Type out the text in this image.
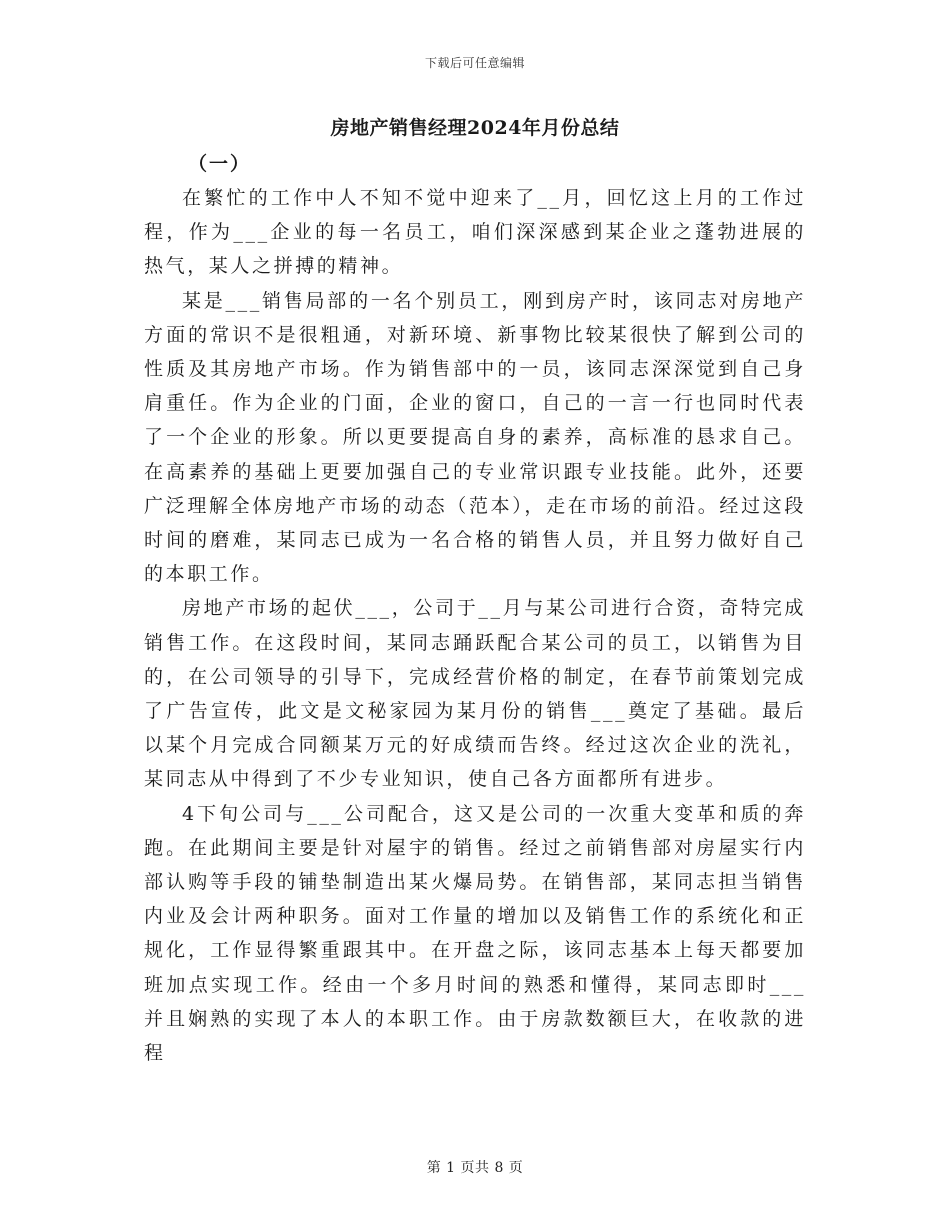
下载后可任意编辑
房地产销售经理2024年月份总结
（一）

在繁忙的工作中人不知不觉中迎来了__月，回忆这上月的工作过程，作为___企业的每一名员工，咱们深深感到某企业之蓬勃进展的热气，某人之拼搏的精神。

某是___销售局部的一名个别员工，刚到房产时，该同志对房地产方面的常识不是很粗通，对新环境、新事物比较某很快了解到公司的性质及其房地产市场。作为销售部中的一员，该同志深深觉到自己身肩重任。作为企业的门面，企业的窗口，自己的一言一行也同时代表了一个企业的形象。所以更要提高自身的素养，高标准的恳求自己。在高素养的基础上更要加强自己的专业常识跟专业技能。此外，还要广泛理解全体房地产市场的动态（范本），走在市场的前沿。经过这段时间的磨难，某同志已成为一名合格的销售人员，并且努力做好自己的本职工作。

房地产市场的起伏___，公司于__月与某公司进行合资，奇特完成销售工作。在这段时间，某同志踊跃配合某公司的员工，以销售为目的，在公司领导的引导下，完成经营价格的制定，在春节前策划完成了广告宣传，此文是文秘家园为某月份的销售___奠定了基础。最后以某个月完成合同额某万元的好成绩而告终。经过这次企业的洗礼，某同志从中得到了不少专业知识，使自己各方面都所有进步。

4下旬公司与___公司配合，这又是公司的一次重大变革和质的奔跑。在此期间主要是针对屋宇的销售。经过之前销售部对房屋实行内部认购等手段的铺垫制造出某火爆局势。在销售部，某同志担当销售内业及会计两种职务。面对工作量的增加以及销售工作的系统化和正规化，工作显得繁重跟其中。在开盘之际，该同志基本上每天都要加班加点实现工作。经由一个多月时间的熟悉和懂得，某同志即时___并且娴熟的实现了本人的本职工作。由于房款数额巨大，在收款的进程

第 1 页共 8 页
